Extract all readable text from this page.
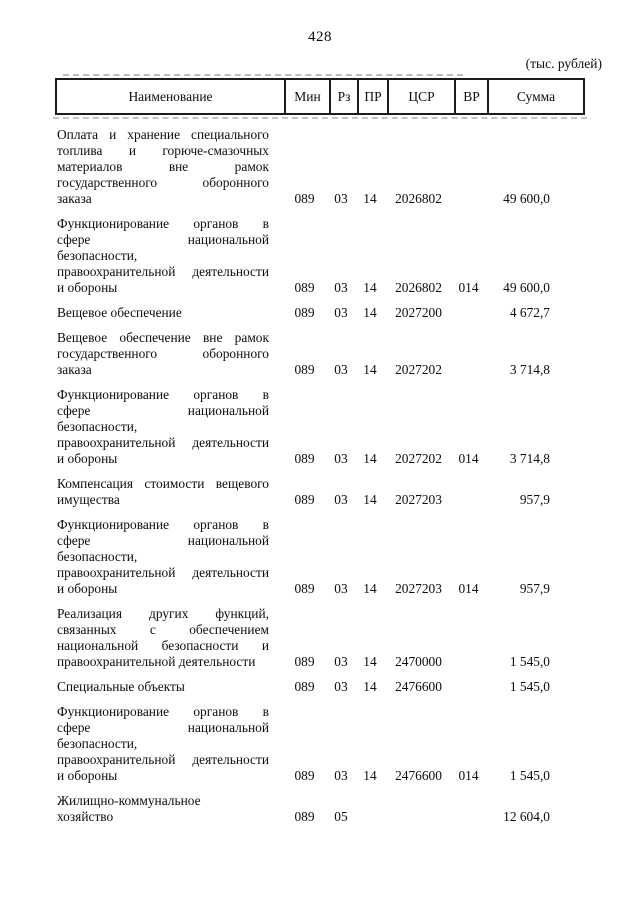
428
(тыс. рублей)
Наименование	Мин	Рз	ПР	ЦСР	ВР	Сумма
Оплата и хранение специального
топлива и горюче-смазочных
материалов вне рамок
государственного оборонного
заказа	089	03	14	2026802		49 600,0

Функционирование органов в
сфере национальной
безопасности,
правоохранительной деятельности
и обороны	089	03	14	2026802	014	49 600,0

Вещевое обеспечение	089	03	14	2027200		4 672,7

Вещевое обеспечение вне рамок
государственного оборонного
заказа	089	03	14	2027202		3 714,8

Функционирование органов в
сфере национальной
безопасности,
правоохранительной деятельности
и обороны	089	03	14	2027202	014	3 714,8

Компенсация стоимости вещевого
имущества	089	03	14	2027203		957,9

Функционирование органов в
сфере национальной
безопасности,
правоохранительной деятельности
и обороны	089	03	14	2027203	014	957,9

Реализация других функций,
связанных с обеспечением
национальной безопасности и
правоохранительной деятельности	089	03	14	2470000		1 545,0

Специальные объекты	089	03	14	2476600		1 545,0

Функционирование органов в
сфере национальной
безопасности,
правоохранительной деятельности
и обороны	089	03	14	2476600	014	1 545,0

Жилищно-коммунальное
хозяйство	089	05				12 604,0
